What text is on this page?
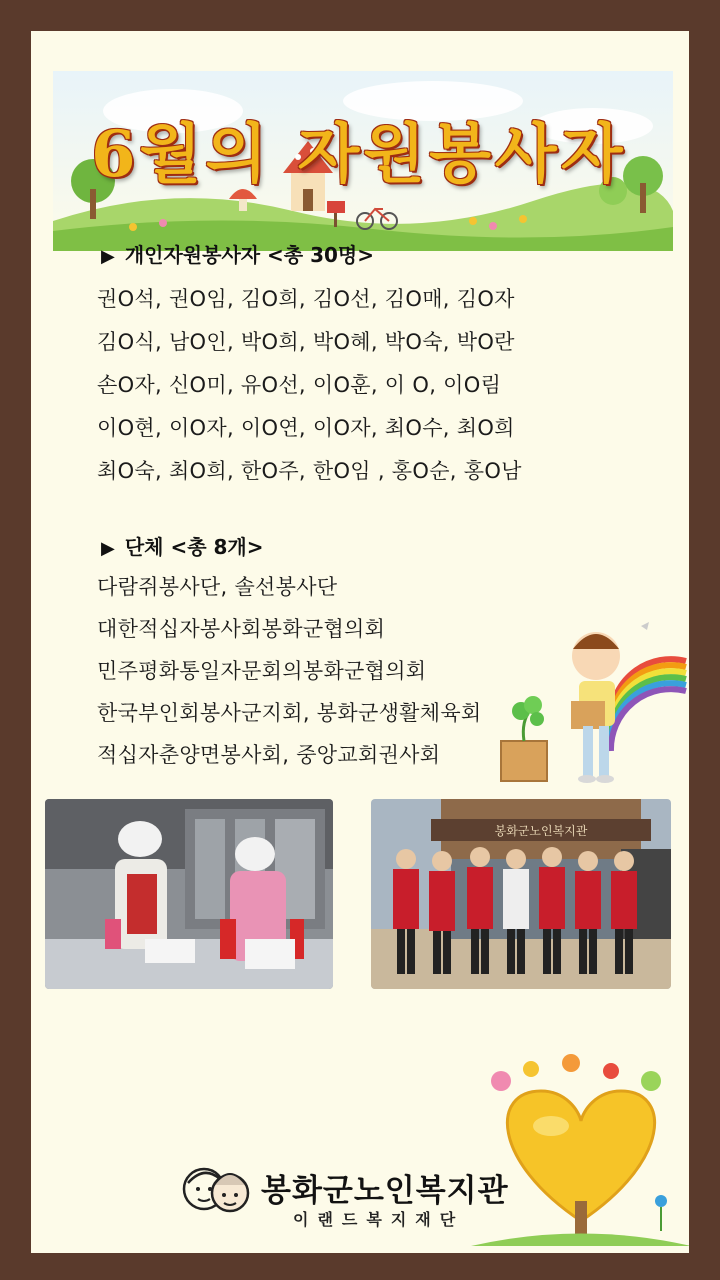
6월의 자원봉사자
▶ 개인자원봉사자 <총 30명>
권O석, 권O임, 김O희, 김O선, 김O매, 김O자
김O식, 남O인, 박O희, 박O혜, 박O숙, 박O란
손O자, 신O미, 유O선, 이O훈, 이 O, 이O림
이O현, 이O자, 이O연, 이O자, 최O수, 최O희
최O숙, 최O희, 한O주, 한O임 , 홍O순, 홍O남
▶ 단체 <총 8개>
다람쥐봉사단, 솔선봉사단
대한적십자봉사회봉화군협의회
민주평화통일자문회의봉화군협의회
한국부인회봉사군지회, 봉화군생활체육회
적십자춘양면봉사회, 중앙교회권사회
봉화군노인복지관
봉화군노인복지관
이랜드복지재단
